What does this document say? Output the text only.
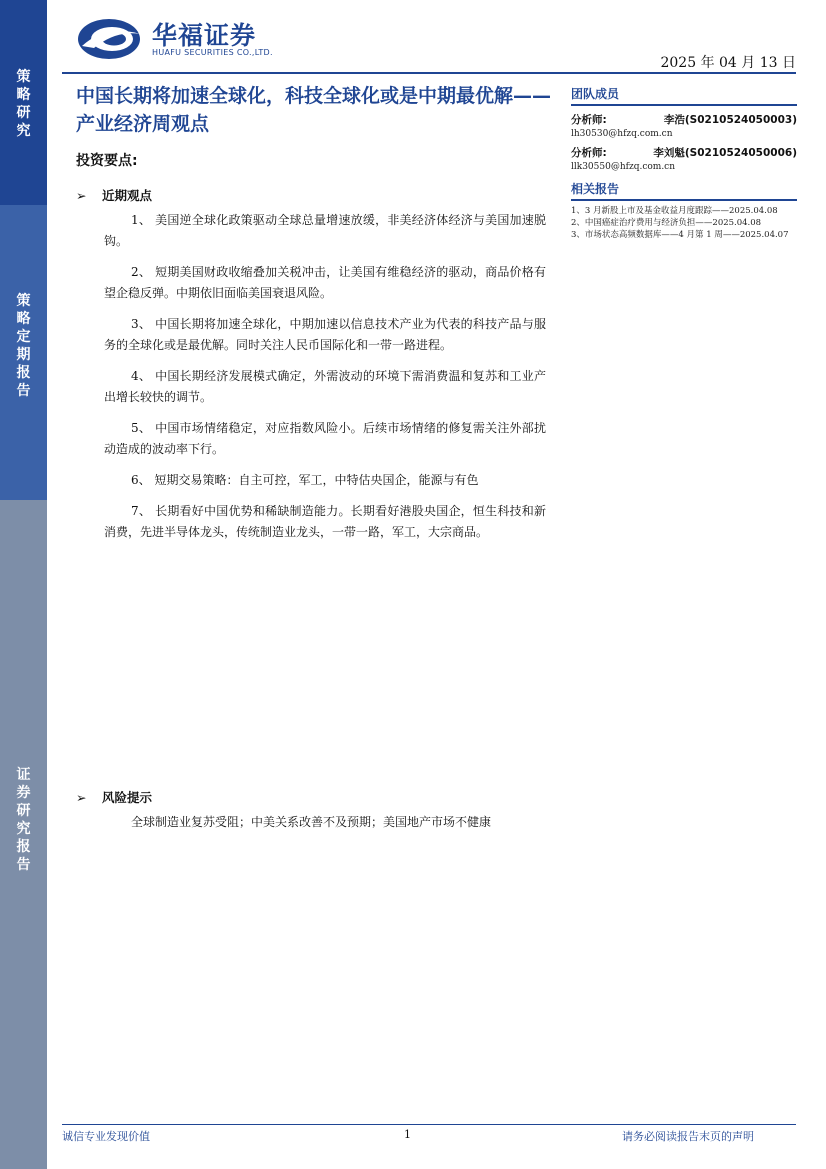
策
略
研
究
策
略
定
期
报
告
证
券
研
究
报
告
华福证券
HUAFU SECURITIES CO.,LTD.
2025 年 04 月 13 日
中国长期将加速全球化，科技全球化或是中期最优解——产业经济周观点
投资要点:
➢ 近期观点

1、 美国逆全球化政策驱动全球总量增速放缓，非美经济体经济与美国加速脱钩。

2、 短期美国财政收缩叠加关税冲击，让美国有维稳经济的驱动，商品价格有望企稳反弹。中期依旧面临美国衰退风险。

3、 中国长期将加速全球化，中期加速以信息技术产业为代表的科技产品与服务的全球化或是最优解。同时关注人民币国际化和一带一路进程。

4、 中国长期经济发展模式确定，外需波动的环境下需消费温和复苏和工业产出增长较快的调节。

5、 中国市场情绪稳定，对应指数风险小。后续市场情绪的修复需关注外部扰动造成的波动率下行。

6、 短期交易策略：自主可控，军工，中特估央国企，能源与有色

7、 长期看好中国优势和稀缺制造能力。长期看好港股央国企，恒生科技和新消费，先进半导体龙头，传统制造业龙头，一带一路，军工，大宗商品。

➢ 风险提示
全球制造业复苏受阻；中美关系改善不及预期；美国地产市场不健康
团队成员
分析师:	李浩(S0210524050003)
lh30530@hfzq.com.cn
分析师:	李刘魁(S0210524050006)
llk30550@hfzq.com.cn
相关报告
1、3 月新股上市及基金收益月度跟踪——2025.04.08
2、中国癌症治疗费用与经济负担——2025.04.08
3、市场状态高频数据库——4 月第 1 周——2025.04.07
诚信专业发现价值	1	请务必阅读报告末页的声明
